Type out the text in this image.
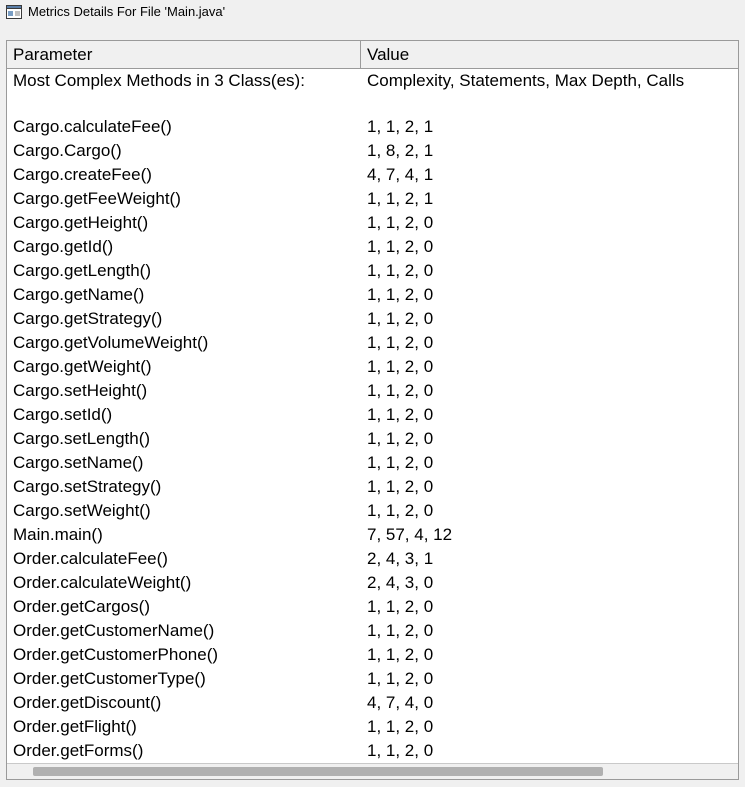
Metrics Details For File 'Main.java'
Parameter	Value
Most Complex Methods in 3 Class(es):	Complexity, Statements, Max Depth, Calls
Cargo.calculateFee()	1, 1, 2, 1
Cargo.Cargo()	1, 8, 2, 1
Cargo.createFee()	4, 7, 4, 1
Cargo.getFeeWeight()	1, 1, 2, 1
Cargo.getHeight()	1, 1, 2, 0
Cargo.getId()	1, 1, 2, 0
Cargo.getLength()	1, 1, 2, 0
Cargo.getName()	1, 1, 2, 0
Cargo.getStrategy()	1, 1, 2, 0
Cargo.getVolumeWeight()	1, 1, 2, 0
Cargo.getWeight()	1, 1, 2, 0
Cargo.setHeight()	1, 1, 2, 0
Cargo.setId()	1, 1, 2, 0
Cargo.setLength()	1, 1, 2, 0
Cargo.setName()	1, 1, 2, 0
Cargo.setStrategy()	1, 1, 2, 0
Cargo.setWeight()	1, 1, 2, 0
Main.main()	7, 57, 4, 12
Order.calculateFee()	2, 4, 3, 1
Order.calculateWeight()	2, 4, 3, 0
Order.getCargos()	1, 1, 2, 0
Order.getCustomerName()	1, 1, 2, 0
Order.getCustomerPhone()	1, 1, 2, 0
Order.getCustomerType()	1, 1, 2, 0
Order.getDiscount()	4, 7, 4, 0
Order.getFlight()	1, 1, 2, 0
Order.getForms()	1, 1, 2, 0
